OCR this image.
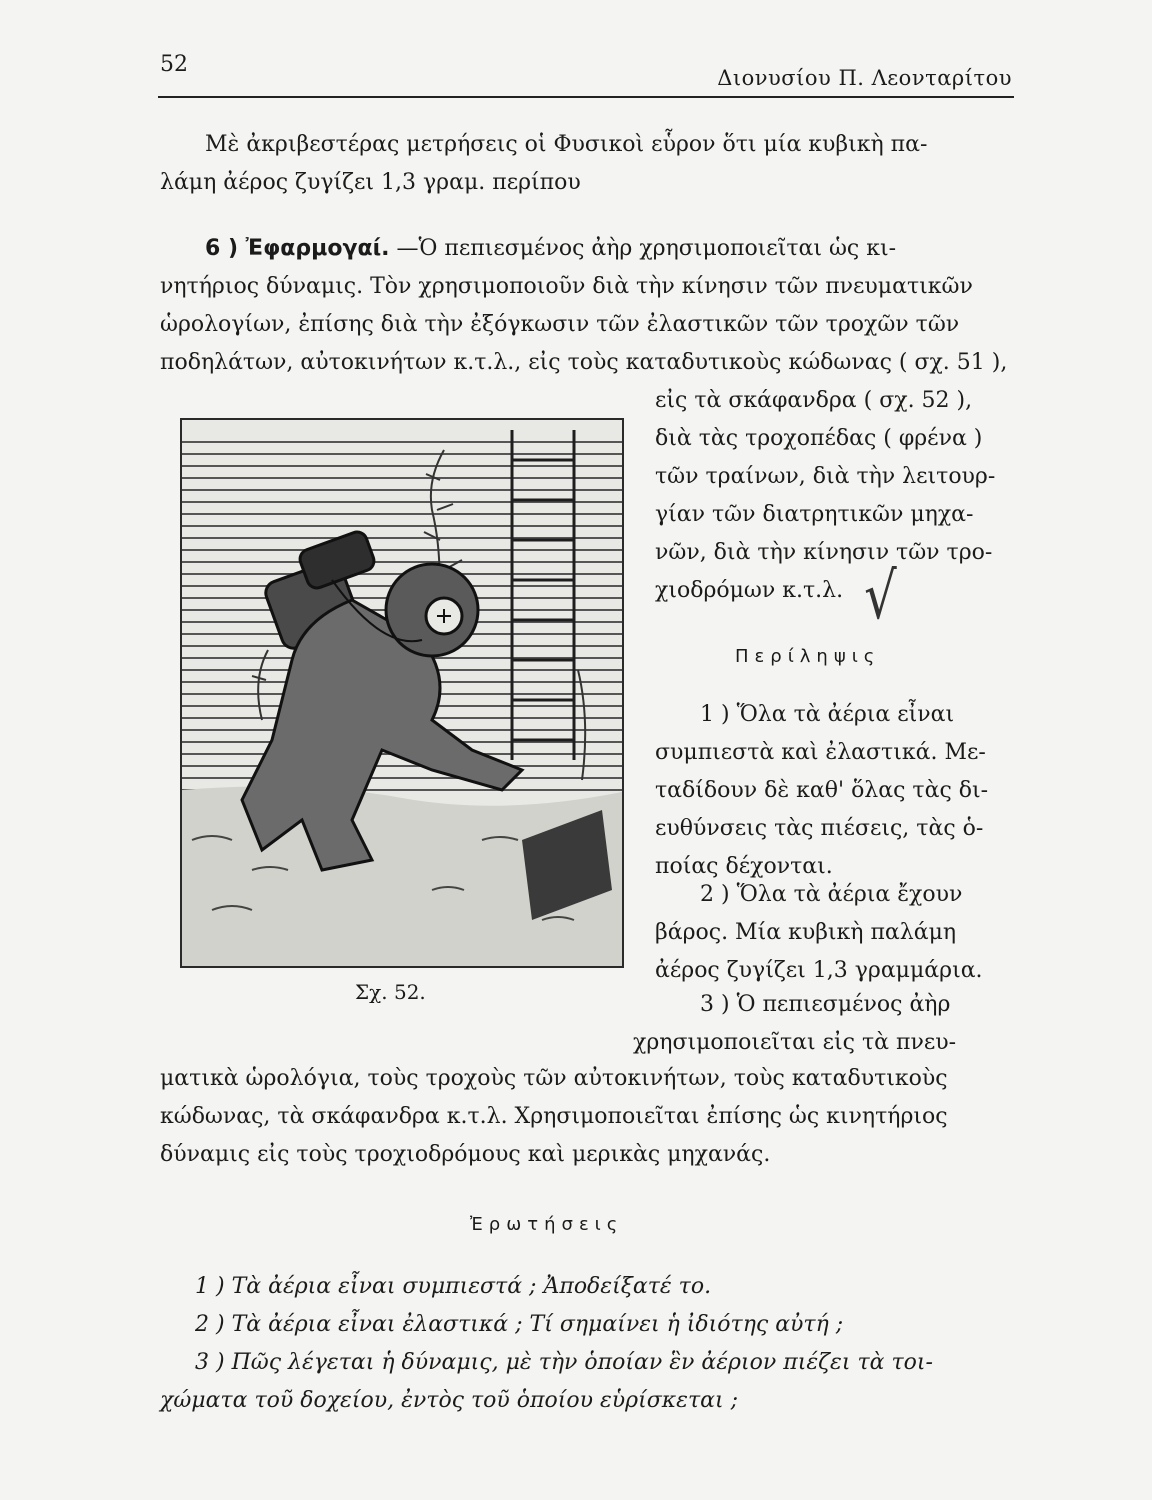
52
Διονυσίου Π. Λεονταρίτου
Μὲ ἀκριβεστέρας μετρήσεις οἱ Φυσικοὶ εὗρον ὅτι μία κυβικὴ πα-
λάμη ἀέρος ζυγίζει 1,3 γραμ. περίπου
6 ) Ἐφαρμογαί. —Ὁ πεπιεσμένος ἀὴρ χρησιμοποιεῖται ὡς κι-
νητήριος δύναμις. Τὸν χρησιμοποιοῦν διὰ τὴν κίνησιν τῶν πνευματικῶν
ὡρολογίων, ἐπίσης διὰ τὴν ἐξόγκωσιν τῶν ἐλαστικῶν τῶν τροχῶν τῶν
ποδηλάτων, αὐτοκινήτων κ.τ.λ., εἰς τοὺς καταδυτικοὺς κώδωνας ( σχ. 51 ),
εἰς τὰ σκάφανδρα ( σχ. 52 ),
διὰ τὰς τροχοπέδας ( φρένα )
τῶν τραίνων, διὰ τὴν λειτουρ-
γίαν τῶν διατρητικῶν μηχα-
νῶν, διὰ τὴν κίνησιν τῶν τρο-
χιοδρόμων κ.τ.λ. √
Σχ. 52.
Περίληψις
1 ) Ὅλα τὰ ἀέρια εἶναι
συμπιεστὰ καὶ ἐλαστικά. Με-
ταδίδουν δὲ καθ' ὅλας τὰς δι-
ευθύνσεις τὰς πιέσεις, τὰς ὁ-
ποίας δέχονται.
2 ) Ὅλα τὰ ἀέρια ἔχουν
βάρος. Μία κυβικὴ παλάμη
ἀέρος ζυγίζει 1,3 γραμμάρια.
3 ) Ὁ πεπιεσμένος ἀὴρ
χρησιμοποιεῖται εἰς τὰ πνευ-
ματικὰ ὡρολόγια, τοὺς τροχοὺς τῶν αὐτοκινήτων, τοὺς καταδυτικοὺς
κώδωνας, τὰ σκάφανδρα κ.τ.λ. Χρησιμοποιεῖται ἐπίσης ὡς κινητήριος
δύναμις εἰς τοὺς τροχιοδρόμους καὶ μερικὰς μηχανάς.
Ἐρωτήσεις
1 ) Τὰ ἀέρια εἶναι συμπιεστά ; Ἀποδείξατέ το.
2 ) Τὰ ἀέρια εἶναι ἐλαστικά ; Τί σημαίνει ἡ ἰδιότης αὐτή ;
3 ) Πῶς λέγεται ἡ δύναμις, μὲ τὴν ὁποίαν ἓν ἀέριον πιέζει τὰ τοι-
χώματα τοῦ δοχείου, ἐντὸς τοῦ ὁποίου εὑρίσκεται ;
